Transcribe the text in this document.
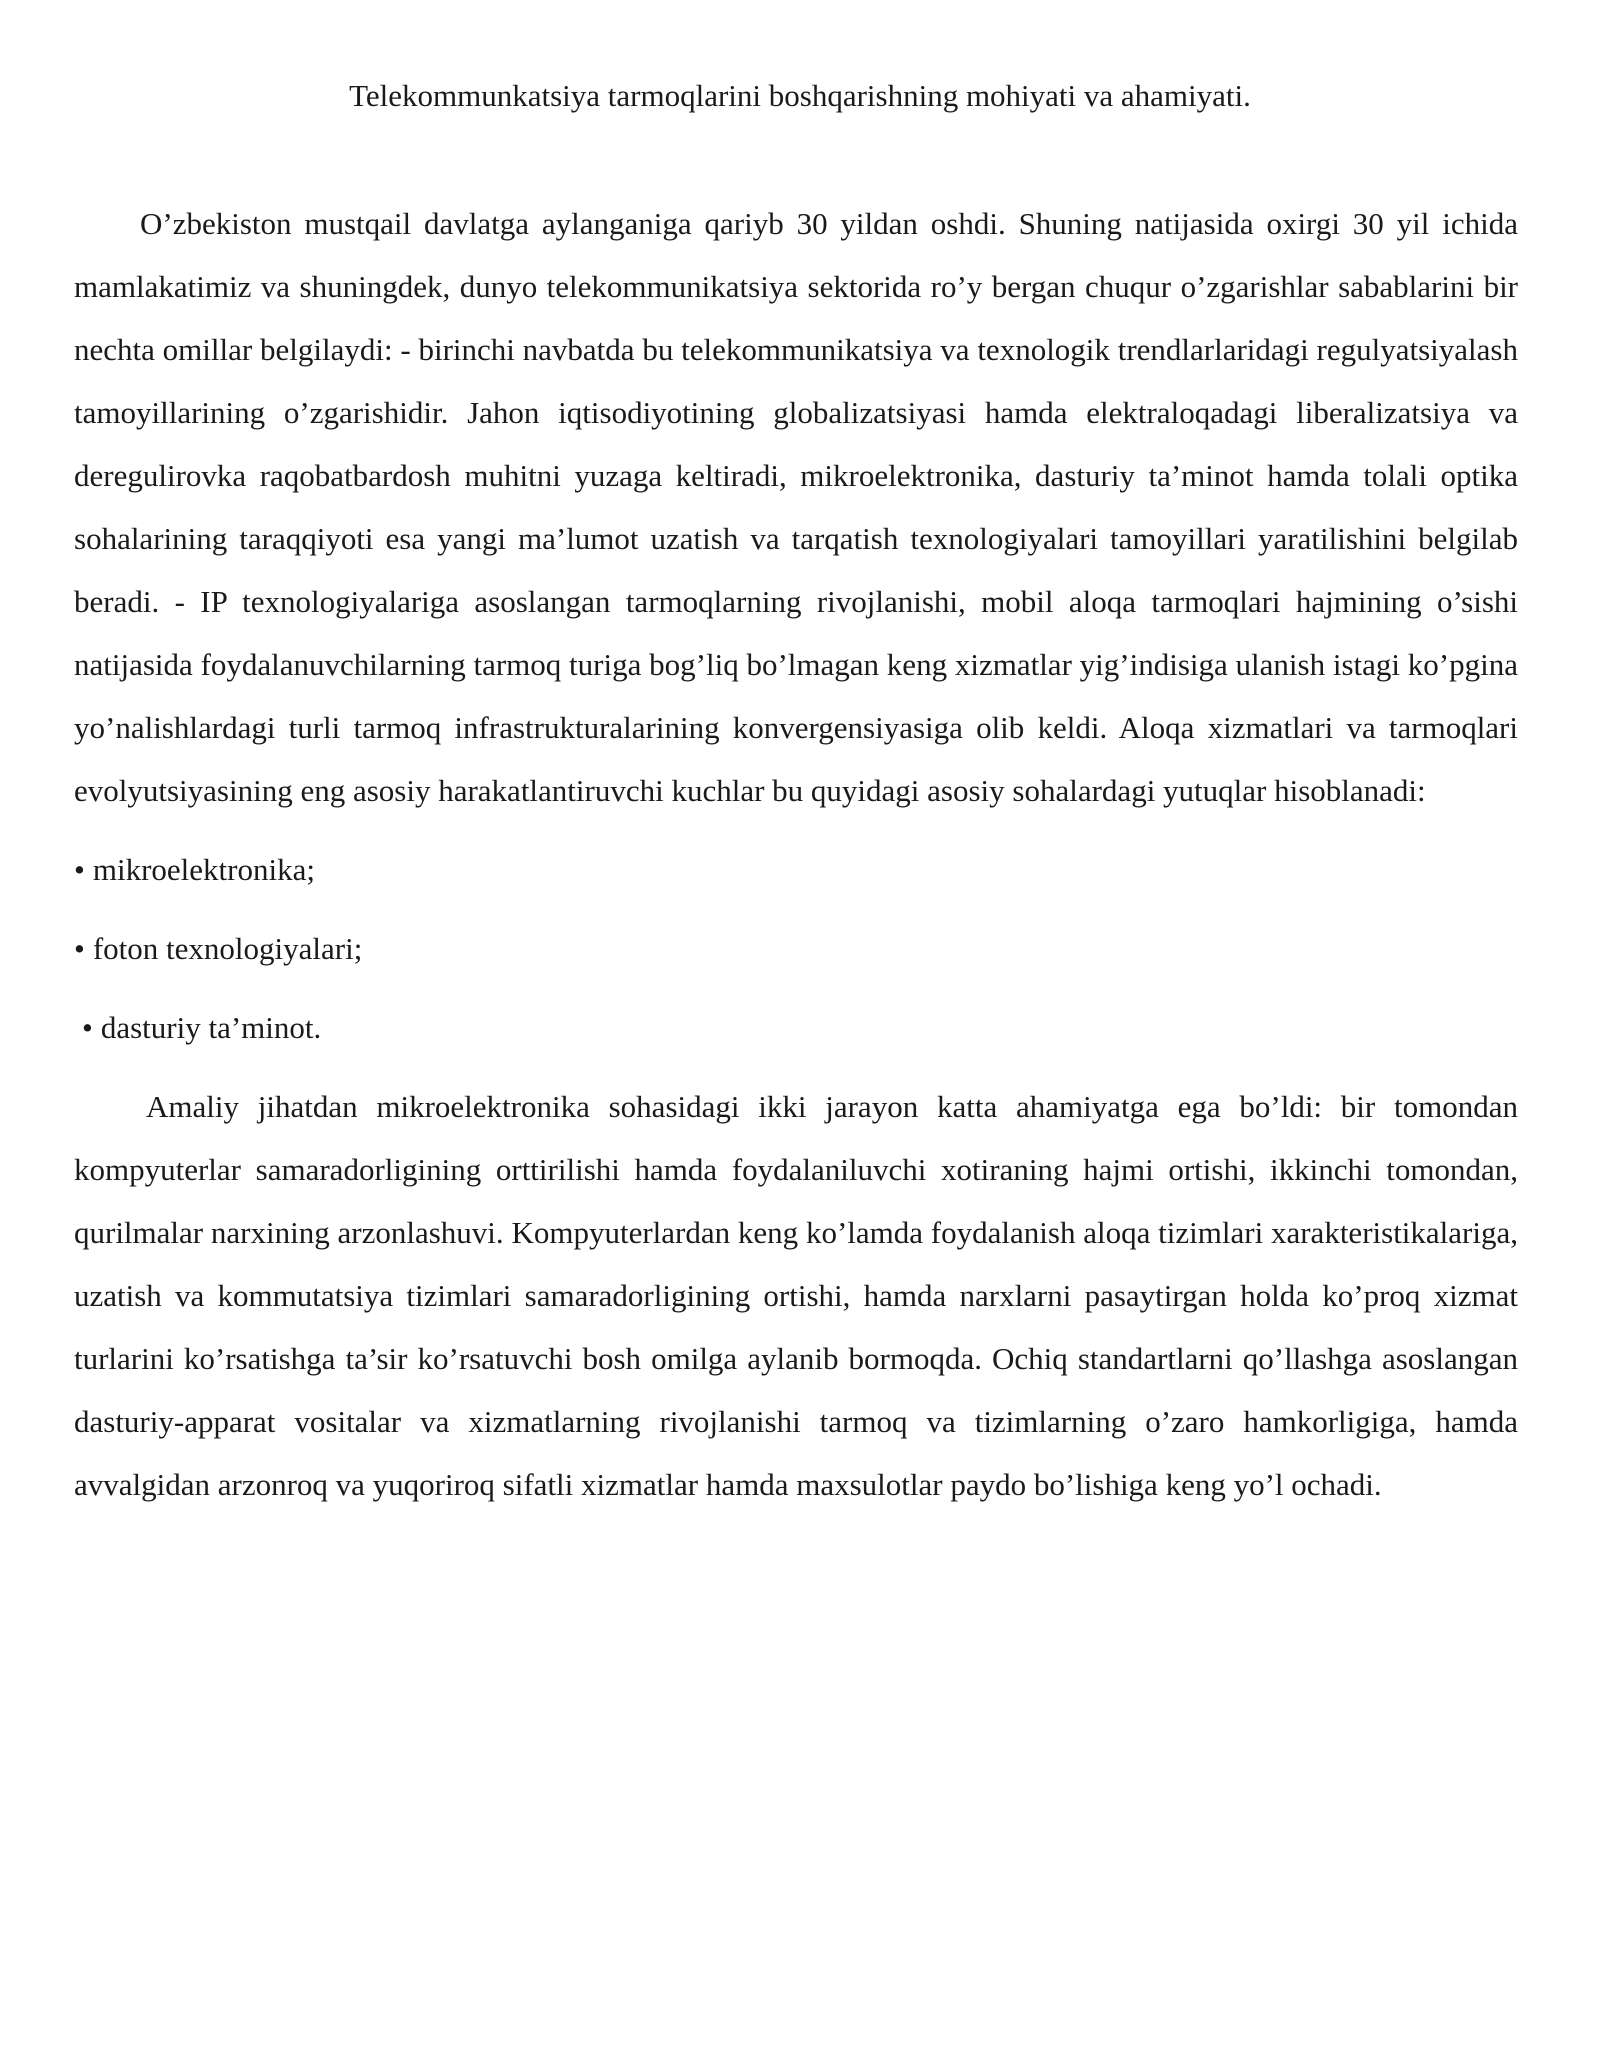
Telekommunkatsiya tarmoqlarini boshqarishning mohiyati va ahamiyati.

O’zbekiston mustqail davlatga aylanganiga qariyb 30 yildan oshdi. Shuning natijasida oxirgi 30 yil ichida mamlakatimiz va shuningdek, dunyo telekommunikatsiya sektorida ro’y bergan chuqur o’zgarishlar sabablarini bir nechta omillar belgilaydi: - birinchi navbatda bu telekommunikatsiya va texnologik trendlarlaridagi regulyatsiyalash tamoyillarining o’zgarishidir. Jahon iqtisodiyotining globalizatsiyasi hamda elektraloqadagi liberalizatsiya va deregulirovka raqobatbardosh muhitni yuzaga keltiradi, mikroelektronika, dasturiy ta’minot hamda tolali optika sohalarining taraqqiyoti esa yangi ma’lumot uzatish va tarqatish texnologiyalari tamoyillari yaratilishini belgilab beradi. - IP texnologiyalariga asoslangan tarmoqlarning rivojlanishi, mobil aloqa tarmoqlari hajmining o’sishi natijasida foydalanuvchilarning tarmoq turiga bog’liq bo’lmagan keng xizmatlar yig’indisiga ulanish istagi ko’pgina yo’nalishlardagi turli tarmoq infrastrukturalarining konvergensiyasiga olib keldi. Aloqa xizmatlari va tarmoqlari evolyutsiyasining eng asosiy harakatlantiruvchi kuchlar bu quyidagi asosiy sohalardagi yutuqlar hisoblanadi:

• mikroelektronika;
• foton texnologiyalari;
• dasturiy ta’minot.

Amaliy jihatdan mikroelektronika sohasidagi ikki jarayon katta ahamiyatga ega bo’ldi: bir tomondan kompyuterlar samaradorligining orttirilishi hamda foydalaniluvchi xotiraning hajmi ortishi, ikkinchi tomondan, qurilmalar narxining arzonlashuvi. Kompyuterlardan keng ko’lamda foydalanish aloqa tizimlari xarakteristikalariga, uzatish va kommutatsiya tizimlari samaradorligining ortishi, hamda narxlarni pasaytirgan holda ko’proq xizmat turlarini ko’rsatishga ta’sir ko’rsatuvchi bosh omilga aylanib bormoqda. Ochiq standartlarni qo’llashga asoslangan dasturiy-apparat vositalar va xizmatlarning rivojlanishi tarmoq va tizimlarning o’zaro hamkorligiga, hamda avvalgidan arzonroq va yuqoriroq sifatli xizmatlar hamda maxsulotlar paydo bo’lishiga keng yo’l ochadi.
